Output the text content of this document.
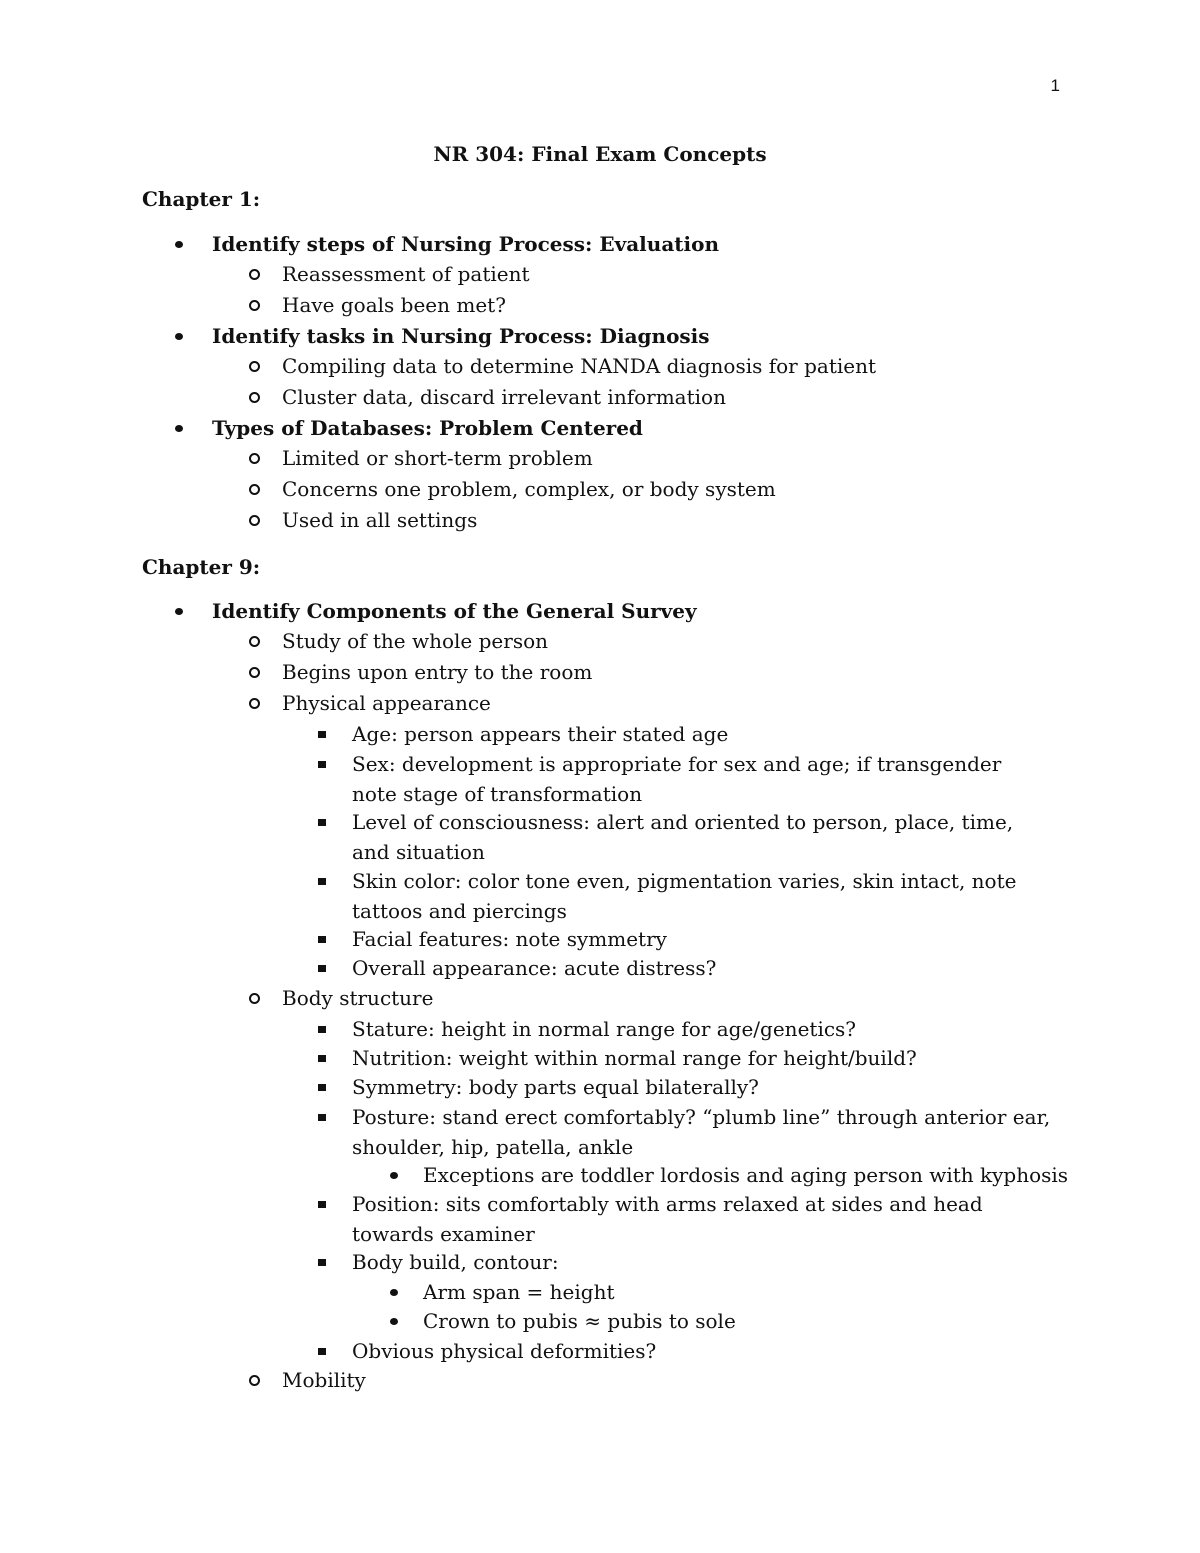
1
NR 304: Final Exam Concepts
Chapter 1:
Identify steps of Nursing Process: Evaluation
Reassessment of patient
Have goals been met?
Identify tasks in Nursing Process: Diagnosis
Compiling data to determine NANDA diagnosis for patient
Cluster data, discard irrelevant information
Types of Databases: Problem Centered
Limited or short-term problem
Concerns one problem, complex, or body system
Used in all settings
Chapter 9:
Identify Components of the General Survey
Study of the whole person
Begins upon entry to the room
Physical appearance
Age: person appears their stated age
Sex: development is appropriate for sex and age; if transgender note stage of transformation
Level of consciousness: alert and oriented to person, place, time, and situation
Skin color: color tone even, pigmentation varies, skin intact, note tattoos and piercings
Facial features: note symmetry
Overall appearance: acute distress?
Body structure
Stature: height in normal range for age/genetics?
Nutrition: weight within normal range for height/build?
Symmetry: body parts equal bilaterally?
Posture: stand erect comfortably? “plumb line” through anterior ear, shoulder, hip, patella, ankle
Exceptions are toddler lordosis and aging person with kyphosis
Position: sits comfortably with arms relaxed at sides and head towards examiner
Body build, contour:
Arm span = height
Crown to pubis ≈ pubis to sole
Obvious physical deformities?
Mobility
